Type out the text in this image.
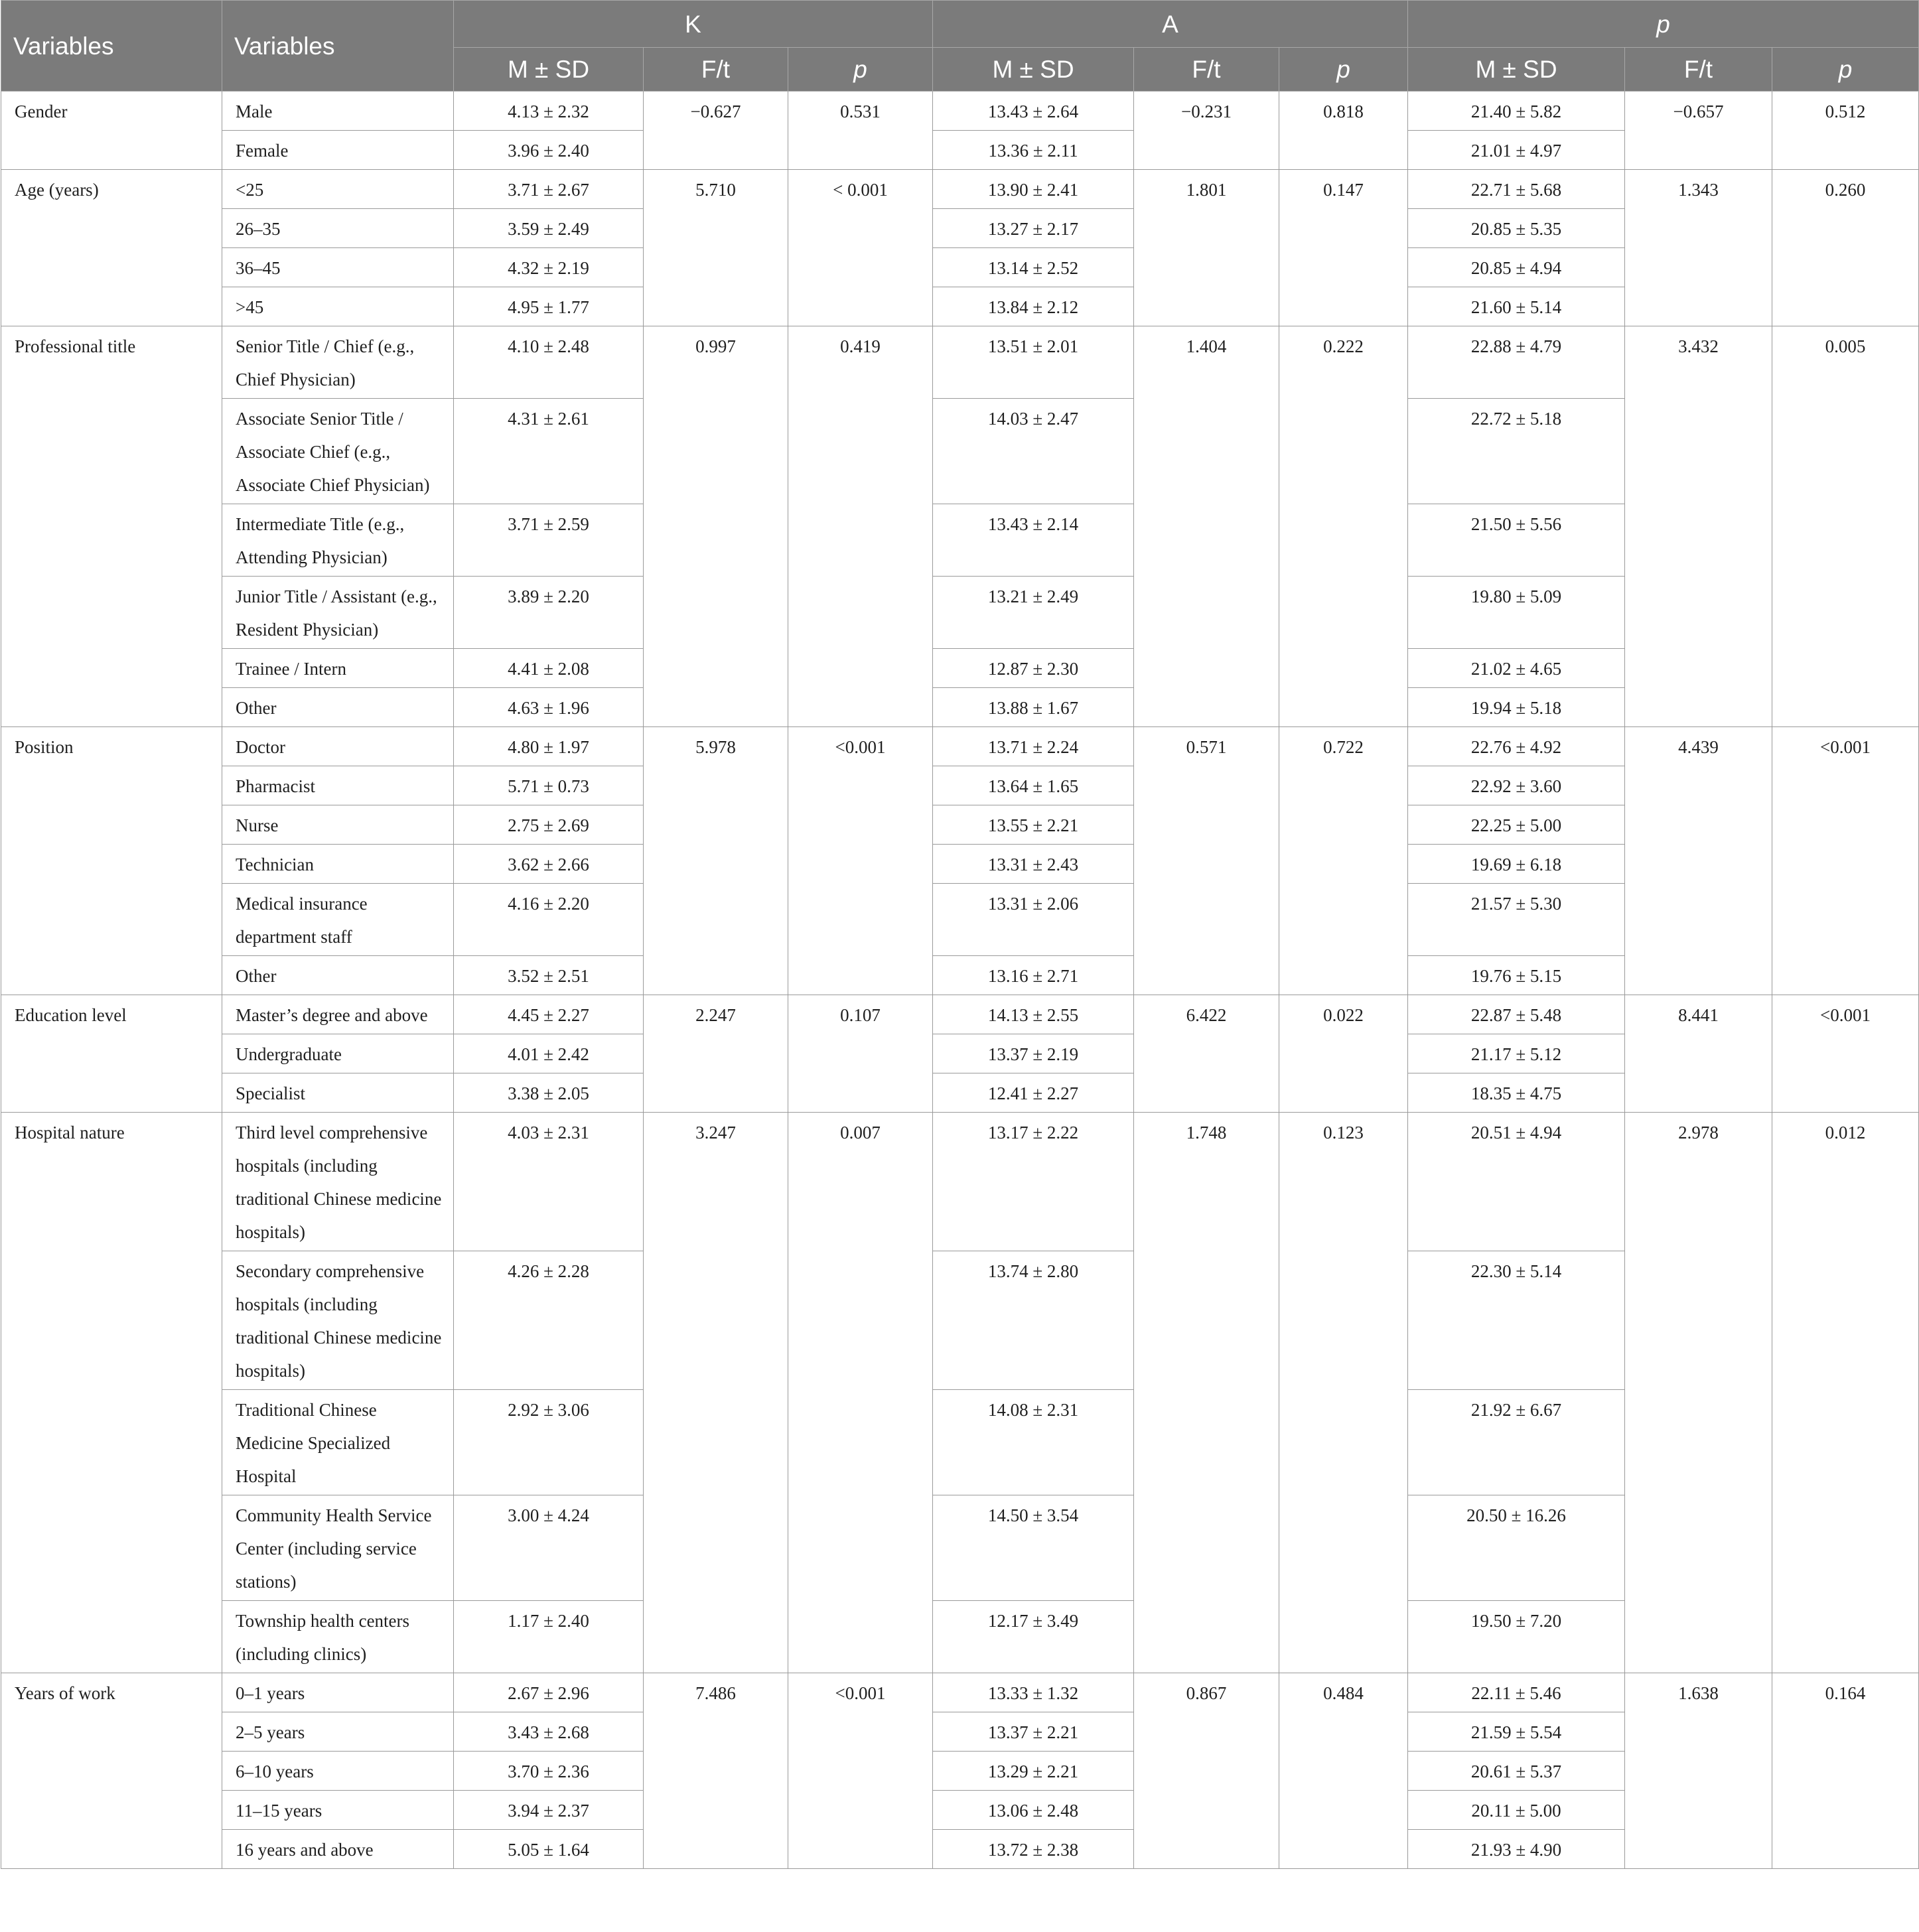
Variables	Variables	K			A			p		
		M ± SD	F/t	p	M ± SD	F/t	p	M ± SD	F/t	p
Gender	Male	4.13 ± 2.32	−0.627	0.531	13.43 ± 2.64	−0.231	0.818	21.40 ± 5.82	−0.657	0.512
	Female	3.96 ± 2.40			13.36 ± 2.11			21.01 ± 4.97		
Age (years)	<25	3.71 ± 2.67	5.710	< 0.001	13.90 ± 2.41	1.801	0.147	22.71 ± 5.68	1.343	0.260
	26–35	3.59 ± 2.49			13.27 ± 2.17			20.85 ± 5.35		
	36–45	4.32 ± 2.19			13.14 ± 2.52			20.85 ± 4.94		
	>45	4.95 ± 1.77			13.84 ± 2.12			21.60 ± 5.14		
Professional title	Senior Title / Chief (e.g., Chief Physician)	4.10 ± 2.48	0.997	0.419	13.51 ± 2.01	1.404	0.222	22.88 ± 4.79	3.432	0.005
	Associate Senior Title / Associate Chief (e.g., Associate Chief Physician)	4.31 ± 2.61			14.03 ± 2.47			22.72 ± 5.18		
	Intermediate Title (e.g., Attending Physician)	3.71 ± 2.59			13.43 ± 2.14			21.50 ± 5.56		
	Junior Title / Assistant (e.g., Resident Physician)	3.89 ± 2.20			13.21 ± 2.49			19.80 ± 5.09		
	Trainee / Intern	4.41 ± 2.08			12.87 ± 2.30			21.02 ± 4.65		
	Other	4.63 ± 1.96			13.88 ± 1.67			19.94 ± 5.18		
Position	Doctor	4.80 ± 1.97	5.978	<0.001	13.71 ± 2.24	0.571	0.722	22.76 ± 4.92	4.439	<0.001
	Pharmacist	5.71 ± 0.73			13.64 ± 1.65			22.92 ± 3.60		
	Nurse	2.75 ± 2.69			13.55 ± 2.21			22.25 ± 5.00		
	Technician	3.62 ± 2.66			13.31 ± 2.43			19.69 ± 6.18		
	Medical insurance department staff	4.16 ± 2.20			13.31 ± 2.06			21.57 ± 5.30		
	Other	3.52 ± 2.51			13.16 ± 2.71			19.76 ± 5.15		
Education level	Master’s degree and above	4.45 ± 2.27	2.247	0.107	14.13 ± 2.55	6.422	0.022	22.87 ± 5.48	8.441	<0.001
	Undergraduate	4.01 ± 2.42			13.37 ± 2.19			21.17 ± 5.12		
	Specialist	3.38 ± 2.05			12.41 ± 2.27			18.35 ± 4.75		
Hospital nature	Third level comprehensive hospitals (including traditional Chinese medicine hospitals)	4.03 ± 2.31	3.247	0.007	13.17 ± 2.22	1.748	0.123	20.51 ± 4.94	2.978	0.012
	Secondary comprehensive hospitals (including traditional Chinese medicine hospitals)	4.26 ± 2.28			13.74 ± 2.80			22.30 ± 5.14		
	Traditional Chinese Medicine Specialized Hospital	2.92 ± 3.06			14.08 ± 2.31			21.92 ± 6.67		
	Community Health Service Center (including service stations)	3.00 ± 4.24			14.50 ± 3.54			20.50 ± 16.26		
	Township health centers (including clinics)	1.17 ± 2.40			12.17 ± 3.49			19.50 ± 7.20		
Years of work	0–1 years	2.67 ± 2.96	7.486	<0.001	13.33 ± 1.32	0.867	0.484	22.11 ± 5.46	1.638	0.164
	2–5 years	3.43 ± 2.68			13.37 ± 2.21			21.59 ± 5.54		
	6–10 years	3.70 ± 2.36			13.29 ± 2.21			20.61 ± 5.37		
	11–15 years	3.94 ± 2.37			13.06 ± 2.48			20.11 ± 5.00		
	16 years and above	5.05 ± 1.64			13.72 ± 2.38			21.93 ± 4.90		
